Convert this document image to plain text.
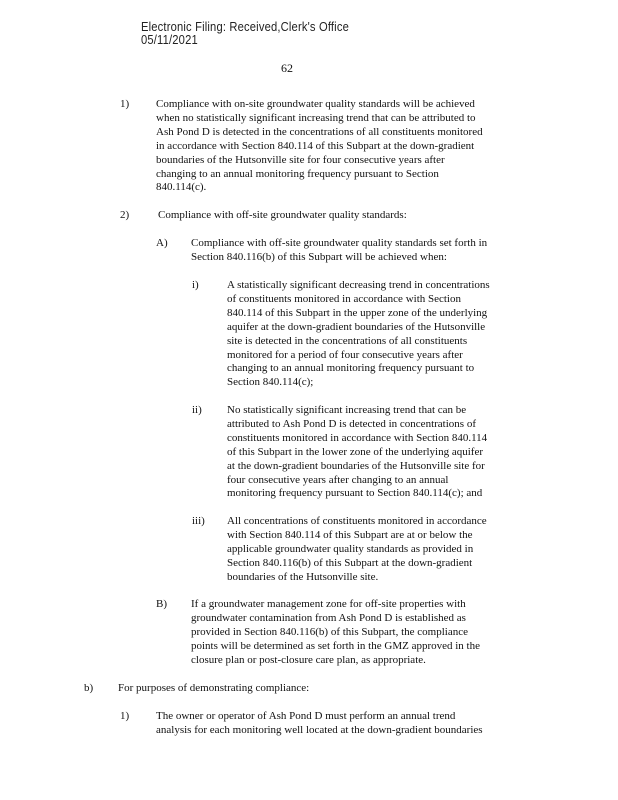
Electronic Filing: Received,Clerk's Office 05/11/2021
62
1) Compliance with on-site groundwater quality standards will be achieved
when no statistically significant increasing trend that can be attributed to
Ash Pond D is detected in the concentrations of all constituents monitored
in accordance with Section 840.114 of this Subpart at the down-gradient
boundaries of the Hutsonville site for four consecutive years after
changing to an annual monitoring frequency pursuant to Section
840.114(c).

2)	Compliance with off-site groundwater quality standards:

A) Compliance with off-site groundwater quality standards set forth in
Section 840.116(b) of this Subpart will be achieved when:

i)	A statistically significant decreasing trend in concentrations
of constituents monitored in accordance with Section
840.114 of this Subpart in the upper zone of the underlying
aquifer at the down-gradient boundaries of the Hutsonville
site is detected in the concentrations of all constituents
monitored for a period of four consecutive years after
changing to an annual monitoring frequency pursuant to
Section 840.114(c);

ii) No statistically significant increasing trend that can be
attributed to Ash Pond D is detected in concentrations of
constituents monitored in accordance with Section 840.114
of this Subpart in the lower zone of the underlying aquifer
at the down-gradient boundaries of the Hutsonville site for
four consecutive years after changing to an annual
monitoring frequency pursuant to Section 840.114(c); and

iii) All concentrations of constituents monitored in accordance
with Section 840.114 of this Subpart are at or below the
applicable groundwater quality standards as provided in
Section 840.116(b) of this Subpart at the down-gradient
boundaries of the Hutsonville site.

B) If a groundwater management zone for off-site properties with
groundwater contamination from Ash Pond D is established as
provided in Section 840.116(b) of this Subpart, the compliance
points will be determined as set forth in the GMZ approved in the
closure plan or post-closure care plan, as appropriate.

b) For purposes of demonstrating compliance:

1) The owner or operator of Ash Pond D must perform an annual trend
analysis for each monitoring well located at the down-gradient boundaries
